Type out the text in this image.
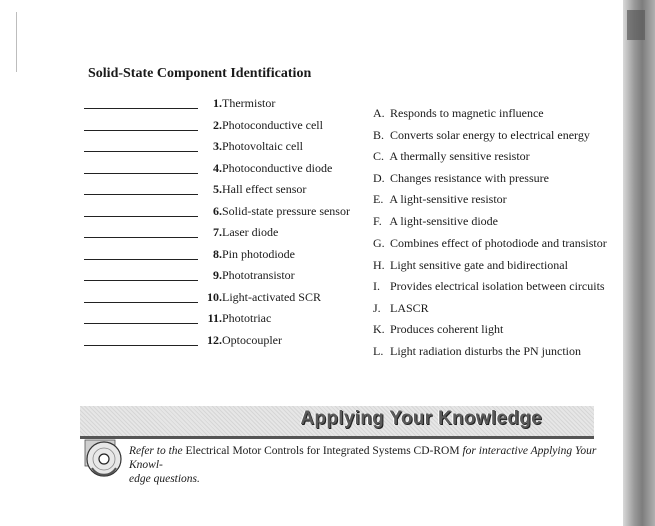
Solid-State Component Identification
1. Thermistor
2. Photoconductive cell
3. Photovoltaic cell
4. Photoconductive diode
5. Hall effect sensor
6. Solid-state pressure sensor
7. Laser diode
8. Pin photodiode
9. Phototransistor
10. Light-activated SCR
11. Phototriac
12. Optocoupler
A. Responds to magnetic influence
B. Converts solar energy to electrical energy
C. A thermally sensitive resistor
D. Changes resistance with pressure
E. A light-sensitive resistor
F. A light-sensitive diode
G. Combines effect of photodiode and transistor
H. Light sensitive gate and bidirectional
I. Provides electrical isolation between circuits
J. LASCR
K. Produces coherent light
L. Light radiation disturbs the PN junction
Applying Your Knowledge
Refer to the Electrical Motor Controls for Integrated Systems CD-ROM for interactive Applying Your Knowl-
edge questions.
